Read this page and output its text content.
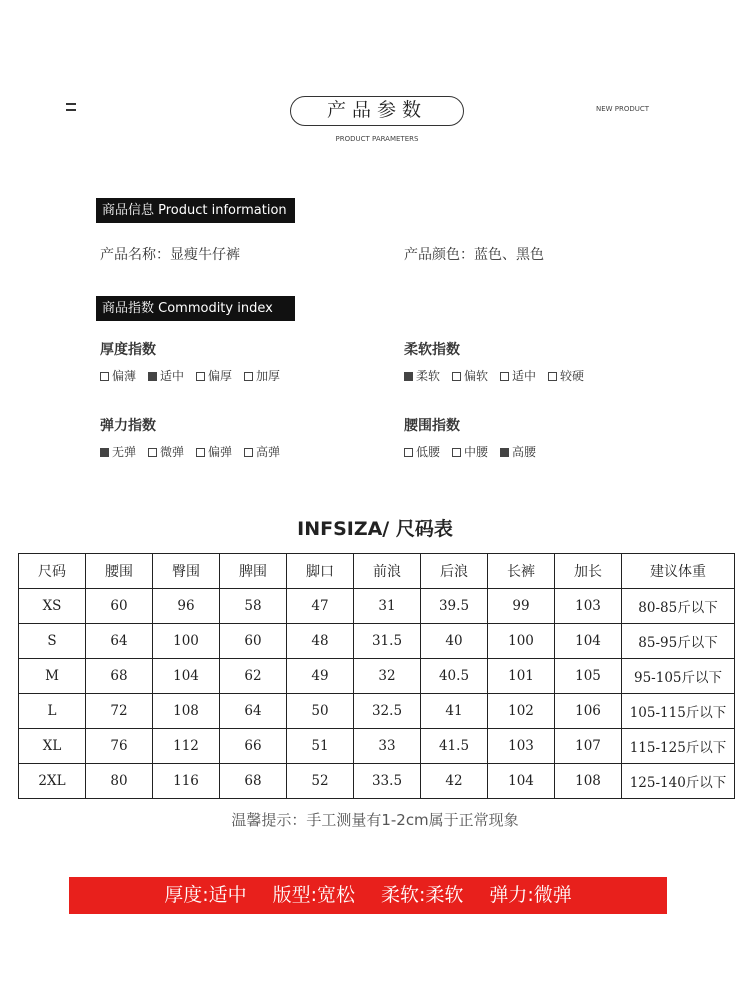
产品参数
PRODUCT PARAMETERS
NEW PRODUCT
商品信息 Product information
产品名称：显瘦牛仔裤	产品颜色：蓝色、黑色
商品指数 Commodity index
厚度指数
偏薄 适中 偏厚 加厚
柔软指数
柔软 偏软 适中 较硬
弹力指数
无弹 微弹 偏弹 高弹
腰围指数
低腰 中腰 高腰
INFSIZA/ 尺码表
尺码	腰围	臀围	脾围	脚口	前浪	后浪	长裤	加长	建议体重
XS	60	96	58	47	31	39.5	99	103	80-85斤以下
S	64	100	60	48	31.5	40	100	104	85-95斤以下
M	68	104	62	49	32	40.5	101	105	95-105斤以下
L	72	108	64	50	32.5	41	102	106	105-115斤以下
XL	76	112	66	51	33	41.5	103	107	115-125斤以下
2XL	80	116	68	52	33.5	42	104	108	125-140斤以下
温馨提示：手工测量有1-2cm属于正常现象
厚度:适中 版型:宽松 柔软:柔软 弹力:微弹
